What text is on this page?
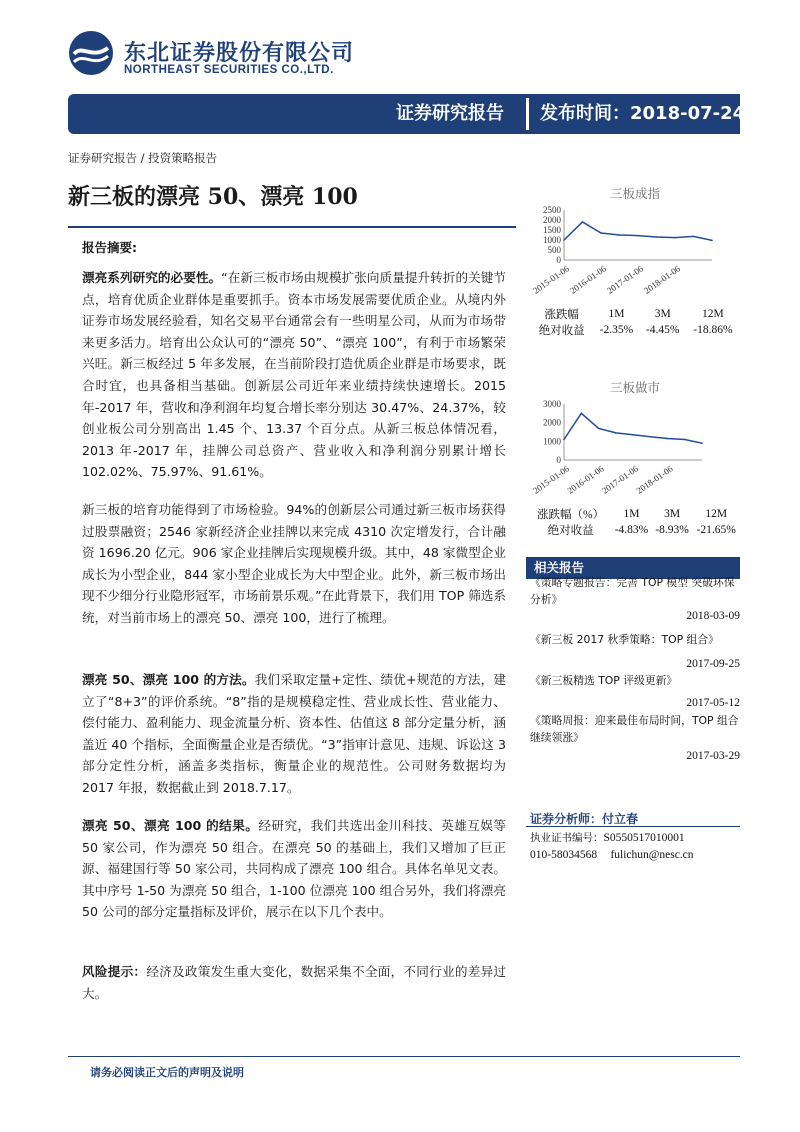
东北证券股份有限公司
NORTHEAST SECURITIES CO.,LTD.
证券研究报告	发布时间：2018-07-24
证券研究报告 / 投资策略报告
新三板的漂亮 50、漂亮 100
报告摘要:
漂亮系列研究的必要性。“在新三板市场由规模扩张向质量提升转折的关键节点，培育优质企业群体是重要抓手。资本市场发展需要优质企业。从境内外证券市场发展经验看，知名交易平台通常会有一些明星公司，从而为市场带来更多活力。培育出公众认可的“漂亮 50”、“漂亮 100”，有利于市场繁荣兴旺。新三板经过 5 年多发展，在当前阶段打造优质企业群是市场要求，既合时宜，也具备相当基础。创新层公司近年来业绩持续快速增长。2015 年-2017 年，营收和净利润年均复合增长率分别达 30.47%、24.37%，较创业板公司分别高出 1.45 个、13.37 个百分点。从新三板总体情况看，2013 年-2017 年，挂牌公司总资产、营业收入和净利润分别累计增长 102.02%、75.97%、91.61%。
新三板的培育功能得到了市场检验。94%的创新层公司通过新三板市场获得过股票融资；2546 家新经济企业挂牌以来完成 4310 次定增发行，合计融资 1696.20 亿元。906 家企业挂牌后实现规模升级。其中，48 家微型企业成长为小型企业，844 家小型企业成长为大中型企业。此外，新三板市场出现不少细分行业隐形冠军，市场前景乐观。”在此背景下，我们用 TOP 筛选系统，对当前市场上的漂亮 50、漂亮 100，进行了梳理。
漂亮 50、漂亮 100 的方法。我们采取定量+定性、绩优+规范的方法，建立了“8+3”的评价系统。“8”指的是规模稳定性、营业成长性、营业能力、偿付能力、盈利能力、现金流量分析、资本性、估值这 8 部分定量分析，涵盖近 40 个指标，全面衡量企业是否绩优。“3”指审计意见、违规、诉讼这 3 部分定性分析，涵盖多类指标，衡量企业的规范性。公司财务数据均为 2017 年报，数据截止到 2018.7.17。
漂亮 50、漂亮 100 的结果。经研究，我们共选出金川科技、英雄互娱等 50 家公司，作为漂亮 50 组合。在漂亮 50 的基础上，我们又增加了巨正源、福建国行等 50 家公司，共同构成了漂亮 100 组合。具体名单见文表。其中序号 1-50 为漂亮 50 组合，1-100 位漂亮 100 组合另外，我们将漂亮 50 公司的部分定量指标及评价，展示在以下几个表中。
风险提示：经济及政策发生重大变化，数据采集不全面，不同行业的差异过大。
三板成指
2500
2000
1500
1000
500
0
2015-01-06
2016-01-06
2017-01-06
2018-01-06
涨跌幅	1M	3M	12M
绝对收益	-2.35%	-4.45%	-18.86%
三板做市
3000
2000
1000
0
2015-01-06
2016-01-06
2017-01-06
2018-01-06
涨跌幅（%）	1M	3M	12M
绝对收益	-4.83%	-8.93%	-21.65%
相关报告
《策略专题报告：完善 TOP 模型 突破环保分析》
2018-03-09
《新三板 2017 秋季策略：TOP 组合》
2017-09-25
《新三板精选 TOP 评级更新》
2017-05-12
《策略周报：迎来最佳布局时间，TOP 组合继续领涨》
2017-03-29
证券分析师：付立春
执业证书编号：S0550517010001
010-58034568 fulichun@nesc.cn
请务必阅读正文后的声明及说明
